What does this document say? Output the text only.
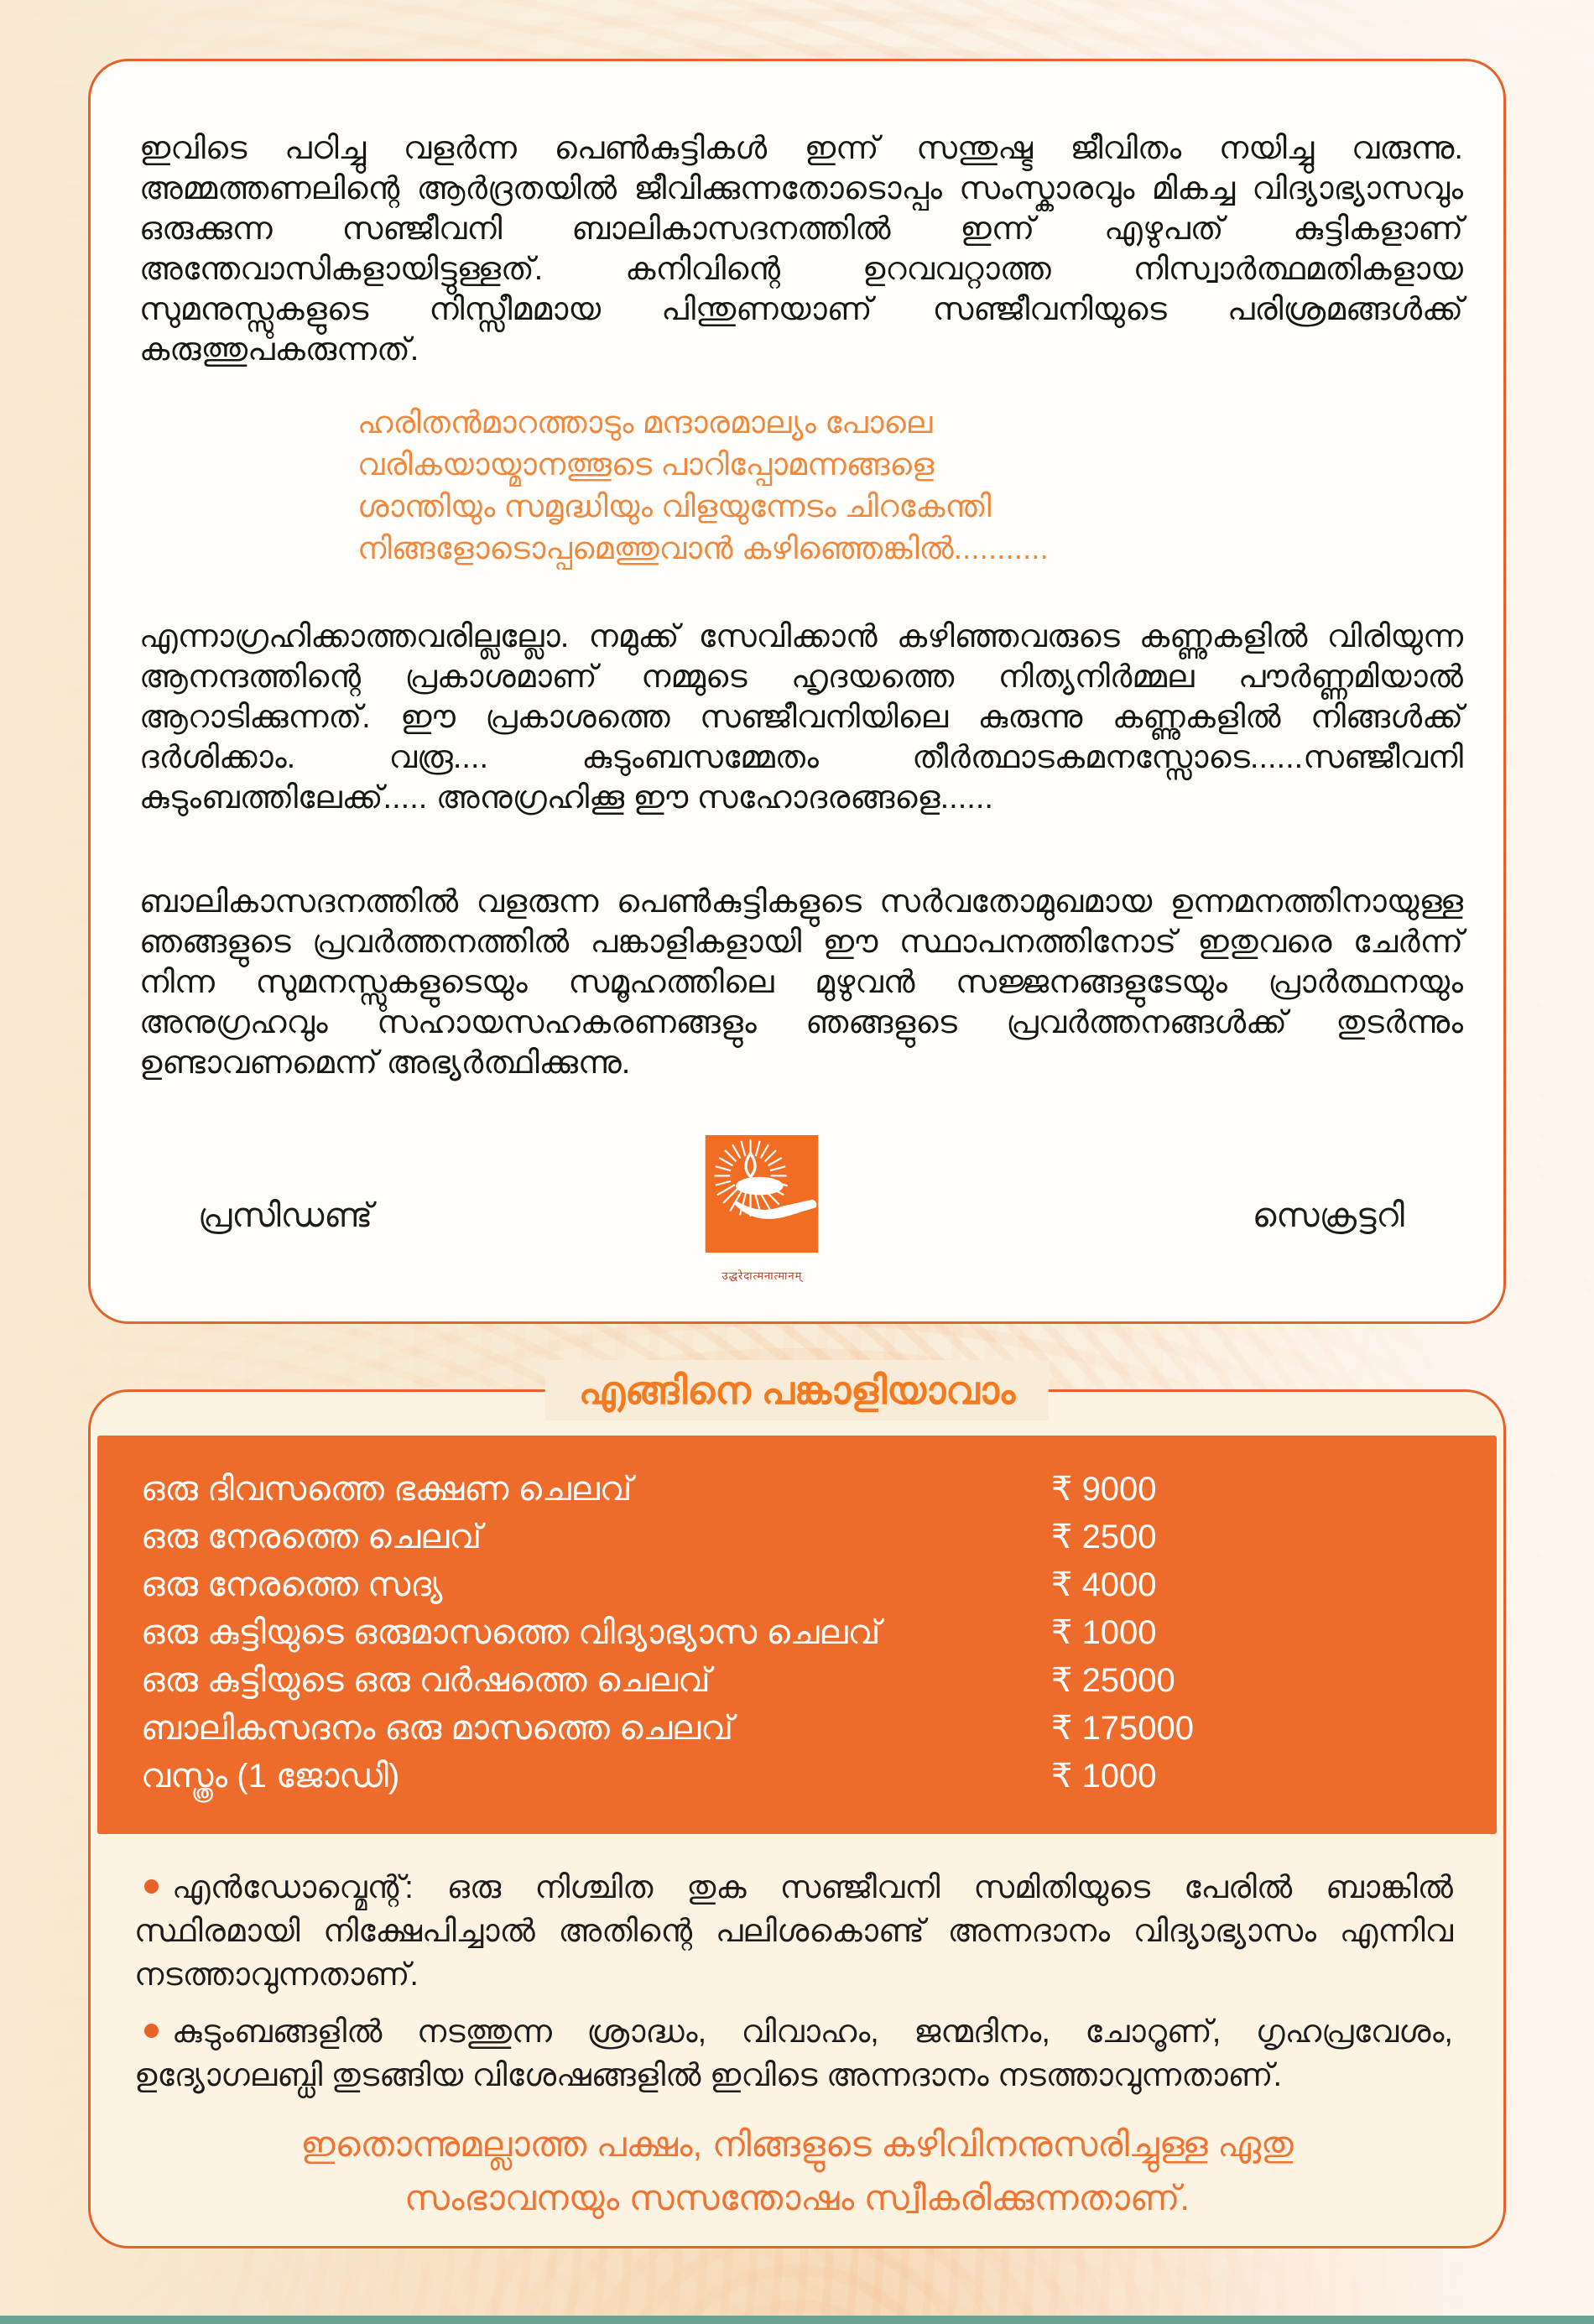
ഇവിടെ പഠിച്ചു വളർന്ന പെൺകുട്ടികൾ ഇന്ന് സന്തുഷ്ട ജീവിതം നയിച്ചു വരുന്നു. അമ്മത്തണലിന്റെ ആർദ്രതയിൽ ജീവിക്കുന്നതോടൊപ്പം സംസ്കാരവും മികച്ച വിദ്യാഭ്യാസവും ഒരുക്കുന്ന സഞ്ജീവനി ബാലികാസദനത്തിൽ ഇന്ന് എഴുപത് കുട്ടികളാണ് അന്തേവാസികളായിട്ടുള്ളത്. കനിവിന്റെ ഉറവവറ്റാത്ത നിസ്വാർത്ഥമതികളായ സുമനുസ്സുകളുടെ നിസ്സീമമായ പിന്തുണയാണ് സഞ്ജീവനിയുടെ പരിശ്രമങ്ങൾക്ക് കരുത്തുപകരുന്നത്.

ഹരിതൻമാറത്താടും മന്ദാരമാല്യം പോലെ
വരികയായ്മാനത്തൂടെ പാറിപ്പോമന്നങ്ങളെ
ശാന്തിയും സമൃദ്ധിയും വിളയുന്നേടം ചിറകേന്തി
നിങ്ങളോടൊപ്പമെത്തുവാൻ കഴിഞ്ഞെങ്കിൽ...........

എന്നാഗ്രഹിക്കാത്തവരില്ലല്ലോ. നമുക്ക് സേവിക്കാൻ കഴിഞ്ഞവരുടെ കണ്ണുകളിൽ വിരിയുന്ന ആനന്ദത്തിന്റെ പ്രകാശമാണ് നമ്മുടെ ഹൃദയത്തെ നിത്യനിർമ്മല പൗർണ്ണമിയാൽ ആറാടിക്കുന്നത്. ഈ പ്രകാശത്തെ സഞ്ജീവനിയിലെ കുരുന്നു കണ്ണുകളിൽ നിങ്ങൾക്ക് ദർശിക്കാം. വരൂ.... കുടുംബസമ്മേതം തീർത്ഥാടകമനസ്സോടെ......സഞ്ജീവനി കുടുംബത്തിലേക്ക്..... അനുഗ്രഹിക്കൂ ഈ സഹോദരങ്ങളെ......

ബാലികാസദനത്തിൽ വളരുന്ന പെൺകുട്ടികളുടെ സർവതോമുഖമായ ഉന്നമനത്തിനായുള്ള ഞങ്ങളുടെ പ്രവർത്തനത്തിൽ പങ്കാളികളായി ഈ സ്ഥാപനത്തിനോട് ഇതുവരെ ചേർന്ന് നിന്ന സുമനസ്സുകളുടെയും സമൂഹത്തിലെ മുഴുവൻ സജ്ജനങ്ങളുടേയും പ്രാർത്ഥനയും അനുഗ്രഹവും സഹായസഹകരണങ്ങളും ഞങ്ങളുടെ പ്രവർത്തനങ്ങൾക്ക് തുടർന്നും ഉണ്ടാവണമെന്ന് അഭ്യർത്ഥിക്കുന്നു.

പ്രസിഡണ്ട്
उद्धरेदात्मनात्मानम्
സെക്രട്ടറി
എങ്ങിനെ പങ്കാളിയാവാം
ഒരു ദിവസത്തെ ഭക്ഷണ ചെലവ്	₹ 9000
ഒരു നേരത്തെ ചെലവ്	₹ 2500
ഒരു നേരത്തെ സദ്യ	₹ 4000
ഒരു കുട്ടിയുടെ ഒരുമാസത്തെ വിദ്യാഭ്യാസ ചെലവ്	₹ 1000
ഒരു കുട്ടിയുടെ ഒരു വർഷത്തെ ചെലവ്	₹ 25000
ബാലികസദനം ഒരു മാസത്തെ ചെലവ്	₹ 175000
വസ്ത്രം (1 ജോഡി)	₹ 1000

എൻഡോവ്മെന്റ്: ഒരു നിശ്ചിത തുക സഞ്ജീവനി സമിതിയുടെ പേരിൽ ബാങ്കിൽ സ്ഥിരമായി നിക്ഷേപിച്ചാൽ അതിന്റെ പലിശകൊണ്ട് അന്നദാനം വിദ്യാഭ്യാസം എന്നിവ നടത്താവുന്നതാണ്.

കുടുംബങ്ങളിൽ നടത്തുന്ന ശ്രാദ്ധം, വിവാഹം, ജന്മദിനം, ചോറൂണ്, ഗൃഹപ്രവേശം, ഉദ്യോഗലബ്ധി തുടങ്ങിയ വിശേഷങ്ങളിൽ ഇവിടെ അന്നദാനം നടത്താവുന്നതാണ്.

ഇതൊന്നുമല്ലാത്ത പക്ഷം, നിങ്ങളുടെ കഴിവിനനുസരിച്ചുള്ള ഏതു സംഭാവനയും സസന്തോഷം സ്വീകരിക്കുന്നതാണ്.
